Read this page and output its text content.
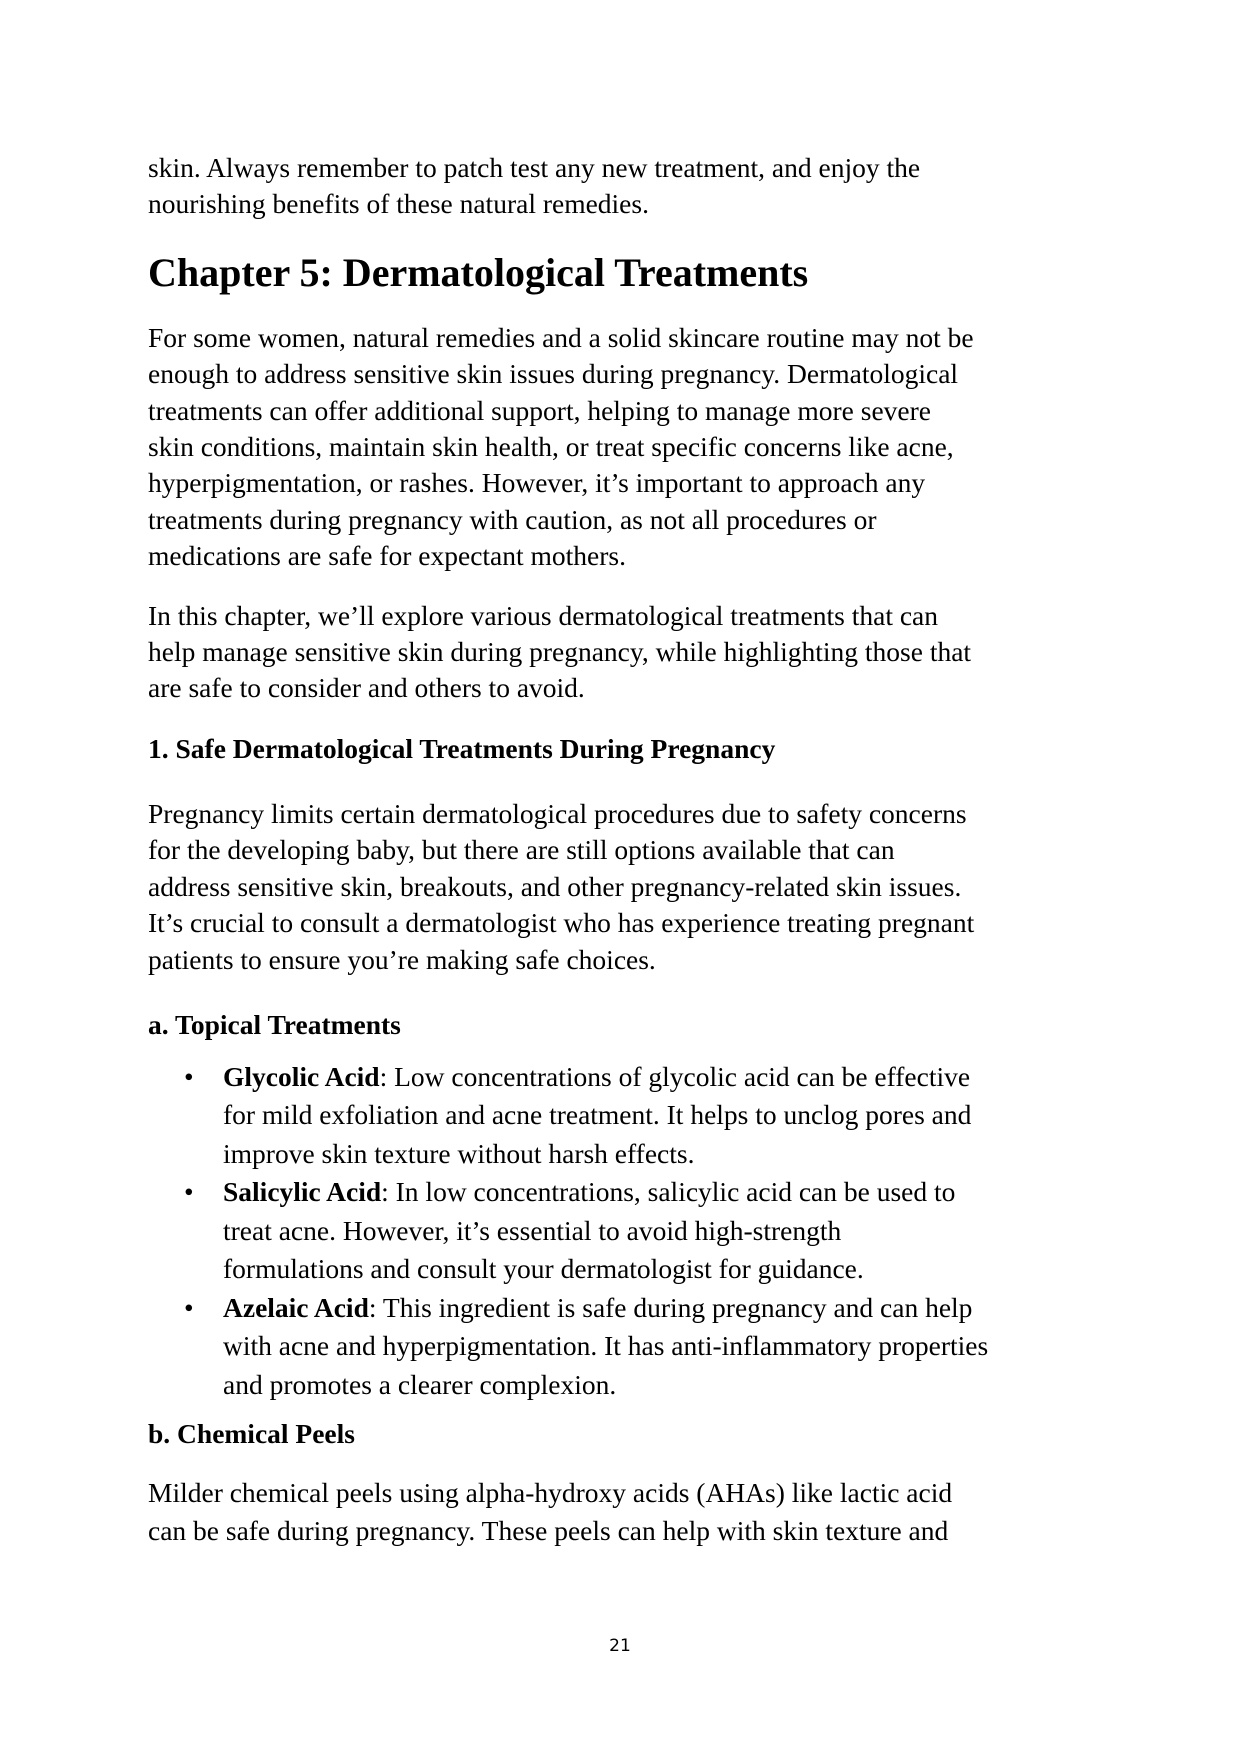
skin. Always remember to patch test any new treatment, and enjoy the
nourishing benefits of these natural remedies.

Chapter 5: Dermatological Treatments

For some women, natural remedies and a solid skincare routine may not be
enough to address sensitive skin issues during pregnancy. Dermatological
treatments can offer additional support, helping to manage more severe
skin conditions, maintain skin health, or treat specific concerns like acne,
hyperpigmentation, or rashes. However, it’s important to approach any
treatments during pregnancy with caution, as not all procedures or
medications are safe for expectant mothers.

In this chapter, we’ll explore various dermatological treatments that can
help manage sensitive skin during pregnancy, while highlighting those that
are safe to consider and others to avoid.

1. Safe Dermatological Treatments During Pregnancy

Pregnancy limits certain dermatological procedures due to safety concerns
for the developing baby, but there are still options available that can
address sensitive skin, breakouts, and other pregnancy-related skin issues.
It’s crucial to consult a dermatologist who has experience treating pregnant
patients to ensure you’re making safe choices.

a. Topical Treatments
• Glycolic Acid: Low concentrations of glycolic acid can be effective
for mild exfoliation and acne treatment. It helps to unclog pores and
improve skin texture without harsh effects.
• Salicylic Acid: In low concentrations, salicylic acid can be used to
treat acne. However, it’s essential to avoid high-strength
formulations and consult your dermatologist for guidance.
• Azelaic Acid: This ingredient is safe during pregnancy and can help
with acne and hyperpigmentation. It has anti-inflammatory properties
and promotes a clearer complexion.
b. Chemical Peels

Milder chemical peels using alpha-hydroxy acids (AHAs) like lactic acid
can be safe during pregnancy. These peels can help with skin texture and

21
